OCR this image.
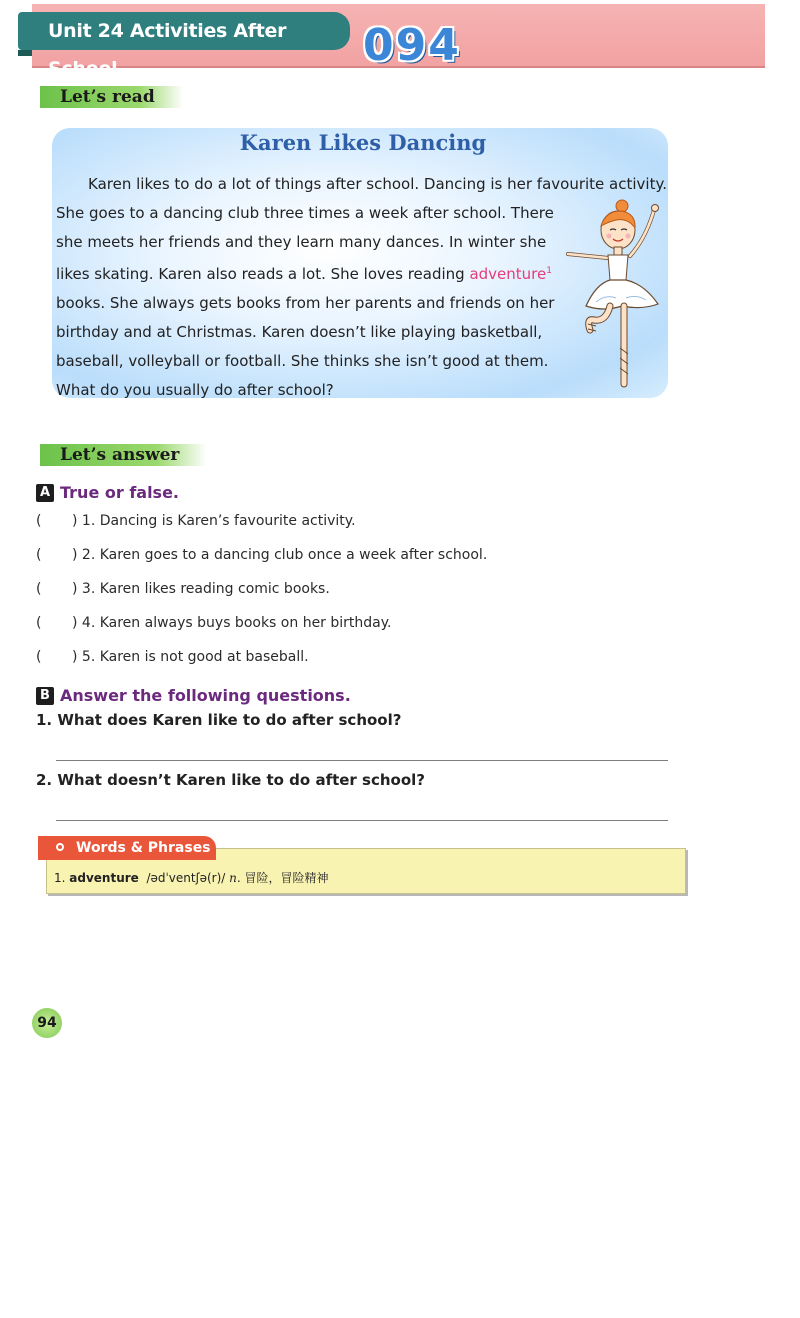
Unit 24 Activities After School	094
Let’s read
Karen Likes Dancing
Karen likes to do a lot of things after school. Dancing is her favourite activity.
She goes to a dancing club three times a week after school. There
she meets her friends and they learn many dances. In winter she
likes skating. Karen also reads a lot. She loves reading adventure$^1$
books. She always gets books from her parents and friends on her
birthday and at Christmas. Karen doesn’t like playing basketball,
baseball, volleyball or football. She thinks she isn’t good at them.
What do you usually do after school?
Let’s answer
A True or false.
( ) 1. Dancing is Karen’s favourite activity.
( ) 2. Karen goes to a dancing club once a week after school.
( ) 3. Karen likes reading comic books.
( ) 4. Karen always buys books on her birthday.
( ) 5. Karen is not good at baseball.
B Answer the following questions.
1. What does Karen like to do after school?
2. What doesn’t Karen like to do after school?
Words & Phrases
1. adventure /ədˈventʃə(r)/ n. 冒险，冒险精神
94
